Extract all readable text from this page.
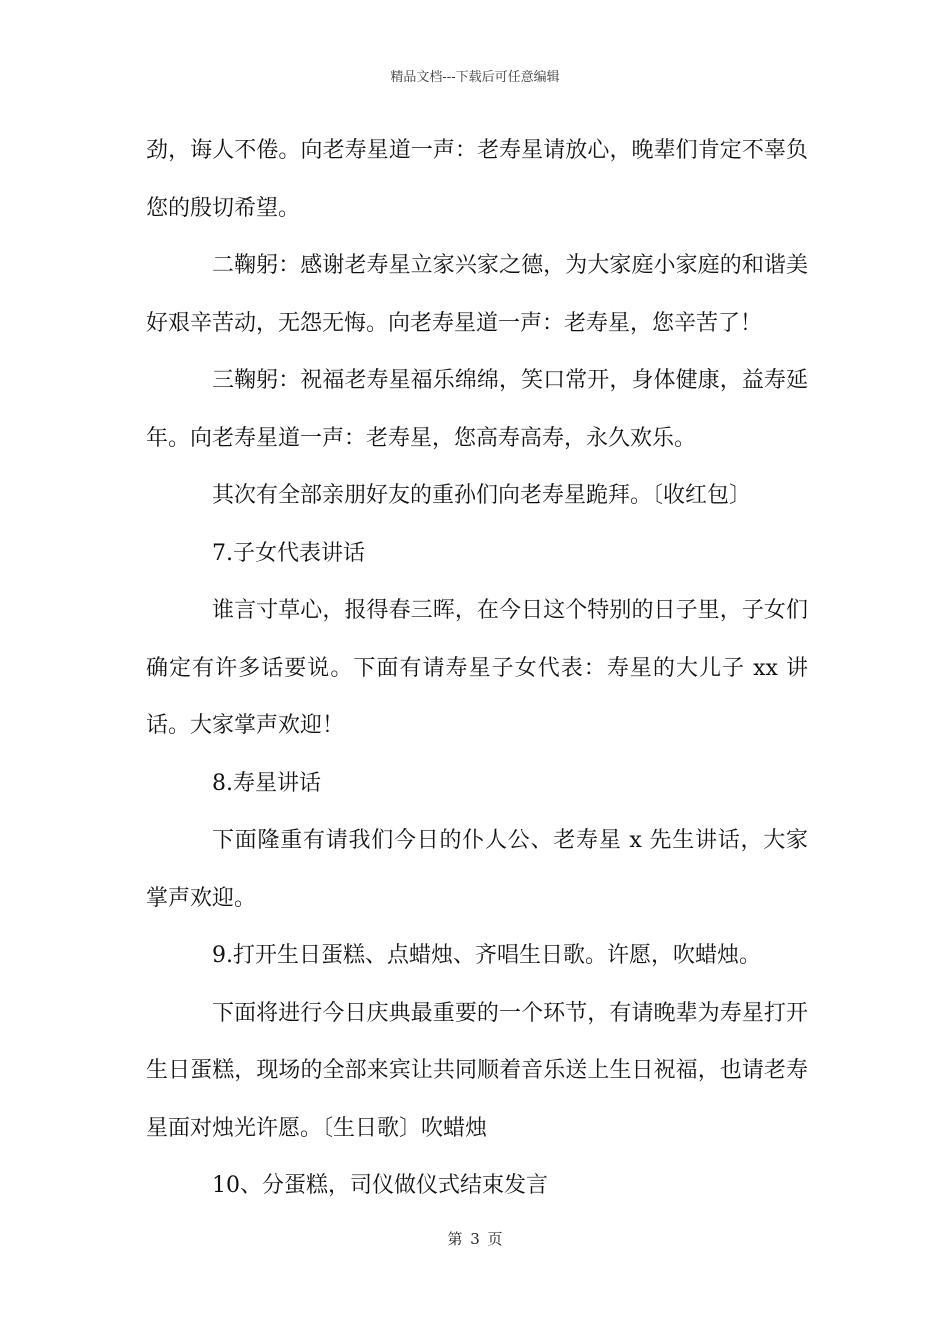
精品文档---下载后可任意编辑

劲，诲人不倦。向老寿星道一声：老寿星请放心，晚辈们肯定不辜负您的殷切希望。

二鞠躬：感谢老寿星立家兴家之德，为大家庭小家庭的和谐美好艰辛苦动，无怨无悔。向老寿星道一声：老寿星，您辛苦了！

三鞠躬：祝福老寿星福乐绵绵，笑口常开，身体健康，益寿延年。向老寿星道一声：老寿星，您高寿高寿，永久欢乐。

其次有全部亲朋好友的重孙们向老寿星跪拜。〔收红包〕

7.子女代表讲话

谁言寸草心，报得春三晖，在今日这个特别的日子里，子女们确定有许多话要说。下面有请寿星子女代表：寿星的大儿子 xx 讲话。大家掌声欢迎！

8.寿星讲话

下面隆重有请我们今日的仆人公、老寿星 x 先生讲话，大家掌声欢迎。

9.打开生日蛋糕、点蜡烛、齐唱生日歌。许愿，吹蜡烛。

下面将进行今日庆典最重要的一个环节，有请晚辈为寿星打开生日蛋糕，现场的全部来宾让共同顺着音乐送上生日祝福，也请老寿星面对烛光许愿。〔生日歌〕吹蜡烛

10、分蛋糕，司仪做仪式结束发言

第 3 页
